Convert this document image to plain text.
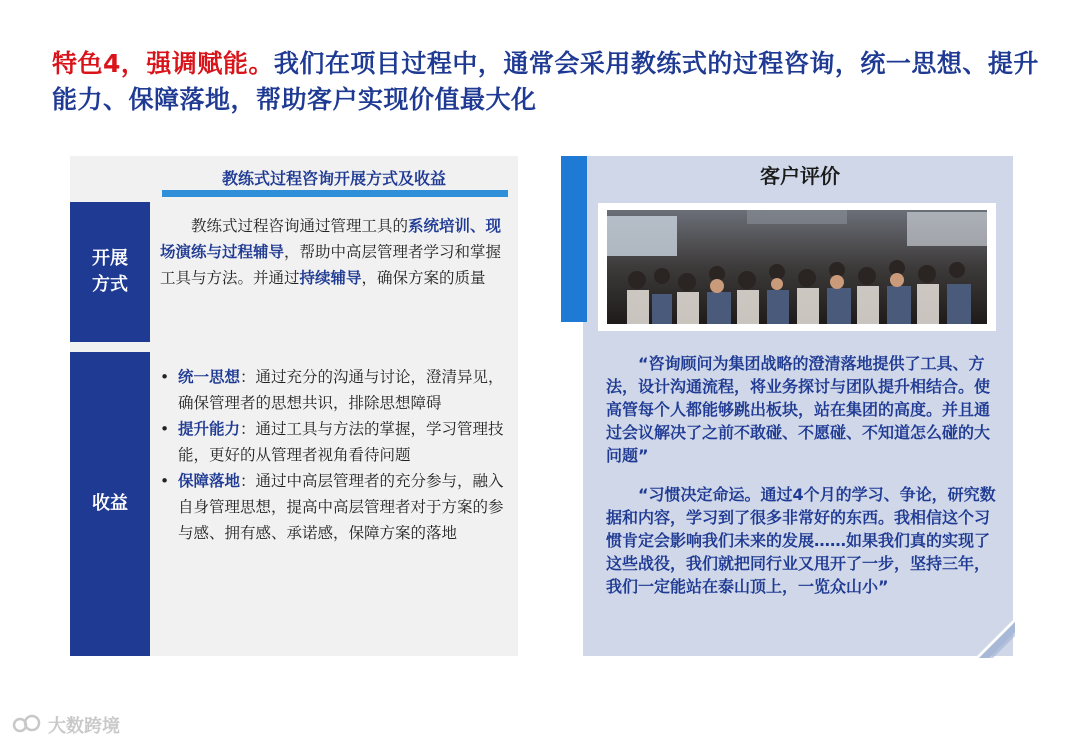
特色4，强调赋能。我们在项目过程中，通常会采用教练式的过程咨询，统一思想、提升能力、保障落地，帮助客户实现价值最大化
教练式过程咨询开展方式及收益
开展方式
教练式过程咨询通过管理工具的系统培训、现场演练与过程辅导，帮助中高层管理者学习和掌握工具与方法。并通过持续辅导，确保方案的质量
收益
• 统一思想：通过充分的沟通与讨论，澄清异见，确保管理者的思想共识，排除思想障碍
• 提升能力：通过工具与方法的掌握，学习管理技能，更好的从管理者视角看待问题
• 保障落地：通过中高层管理者的充分参与，融入自身管理思想，提高中高层管理者对于方案的参与感、拥有感、承诺感，保障方案的落地
客户评价
“咨询顾问为集团战略的澄清落地提供了工具、方法，设计沟通流程，将业务探讨与团队提升相结合。使高管每个人都能够跳出板块，站在集团的高度。并且通过会议解决了之前不敢碰、不愿碰、不知道怎么碰的大问题”
“习惯决定命运。通过4个月的学习、争论，研究数据和内容，学习到了很多非常好的东西。我相信这个习惯肯定会影响我们未来的发展……如果我们真的实现了这些战役，我们就把同行业又甩开了一步，坚持三年，我们一定能站在泰山顶上，一览众山小”
大数跨境
